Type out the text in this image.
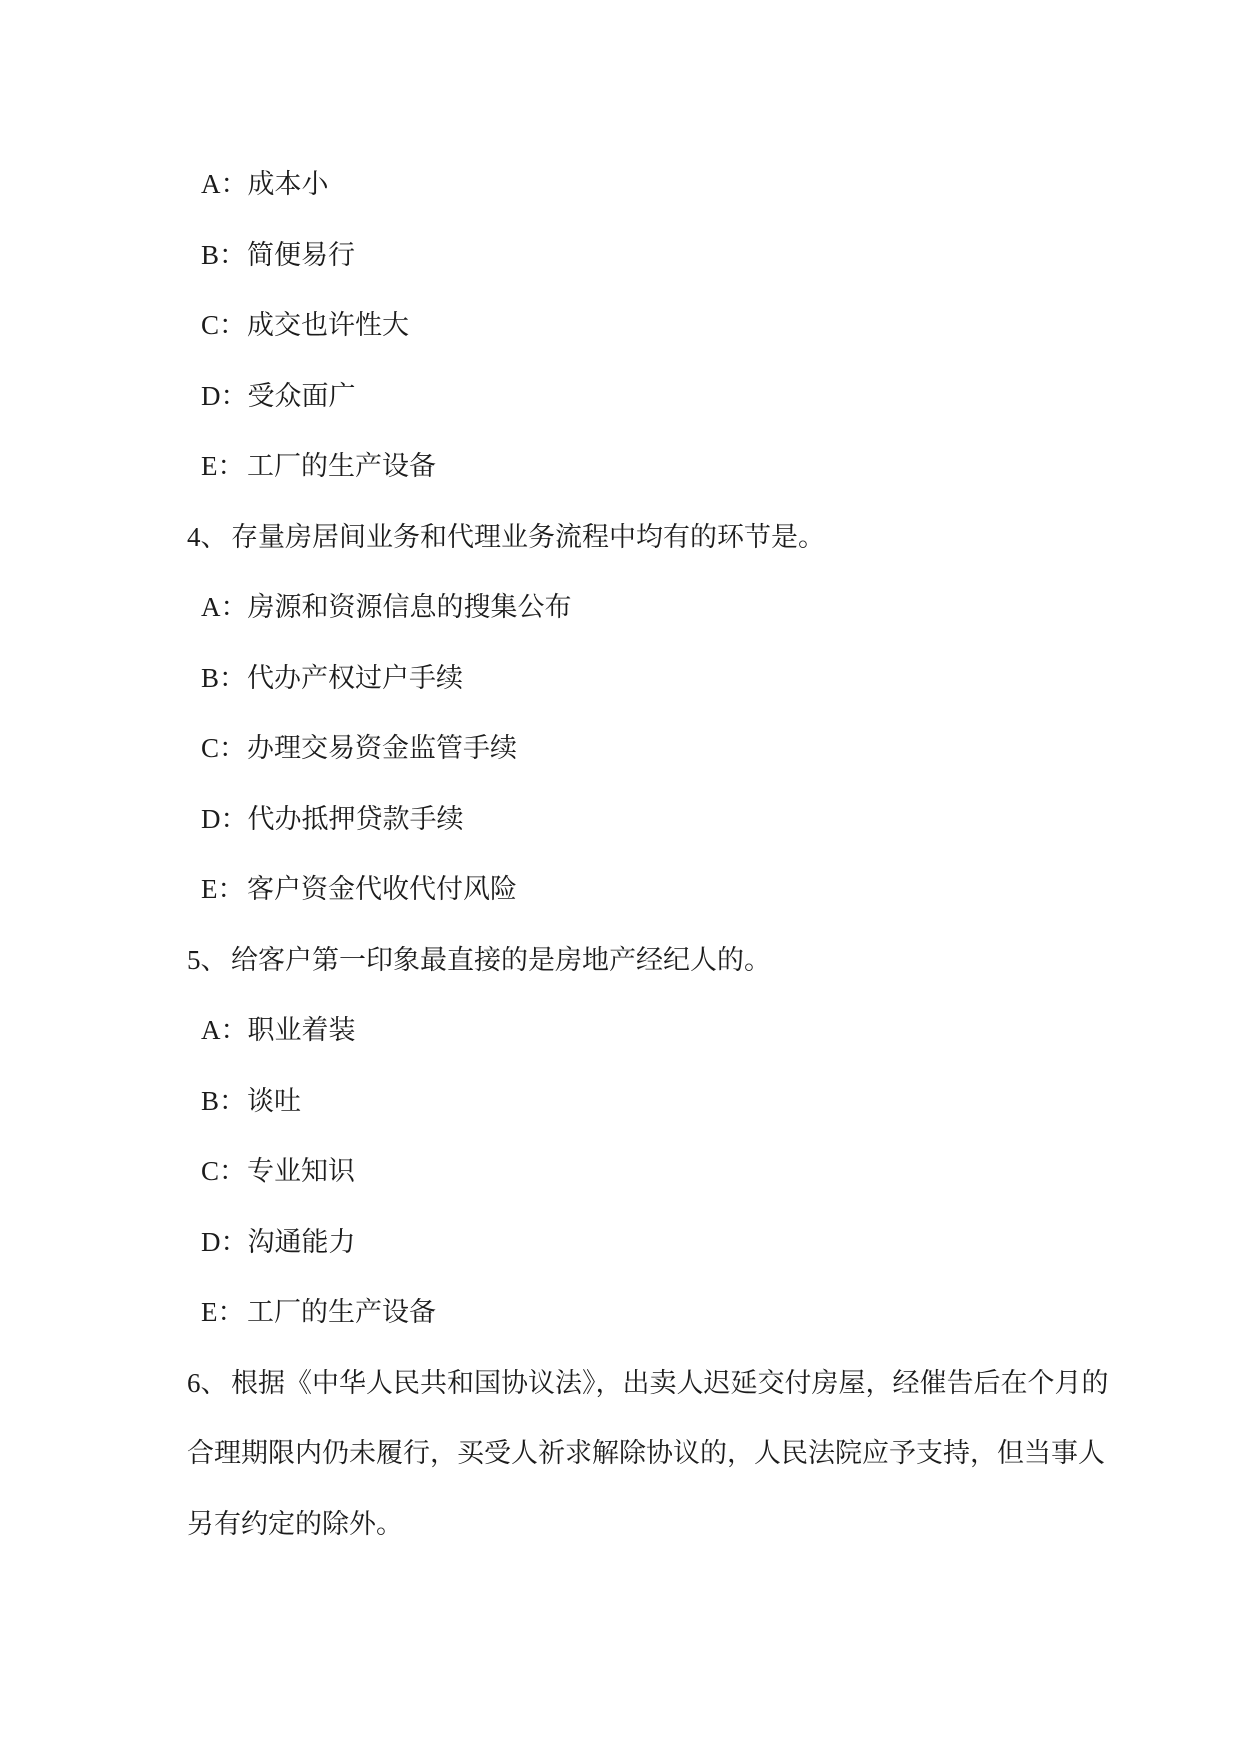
A：成本小
B：简便易行
C：成交也许性大
D：受众面广
E：工厂的生产设备
4、 存量房居间业务和代理业务流程中均有的环节是。
A：房源和资源信息的搜集公布
B：代办产权过户手续
C：办理交易资金监管手续
D：代办抵押贷款手续
E：客户资金代收代付风险
5、 给客户第一印象最直接的是房地产经纪人的。
A：职业着装
B：谈吐
C：专业知识
D：沟通能力
E：工厂的生产设备
6、 根据《中华人民共和国协议法》，出卖人迟延交付房屋，经催告后在个月的
合理期限内仍未履行，买受人祈求解除协议的，人民法院应予支持，但当事人
另有约定的除外。
